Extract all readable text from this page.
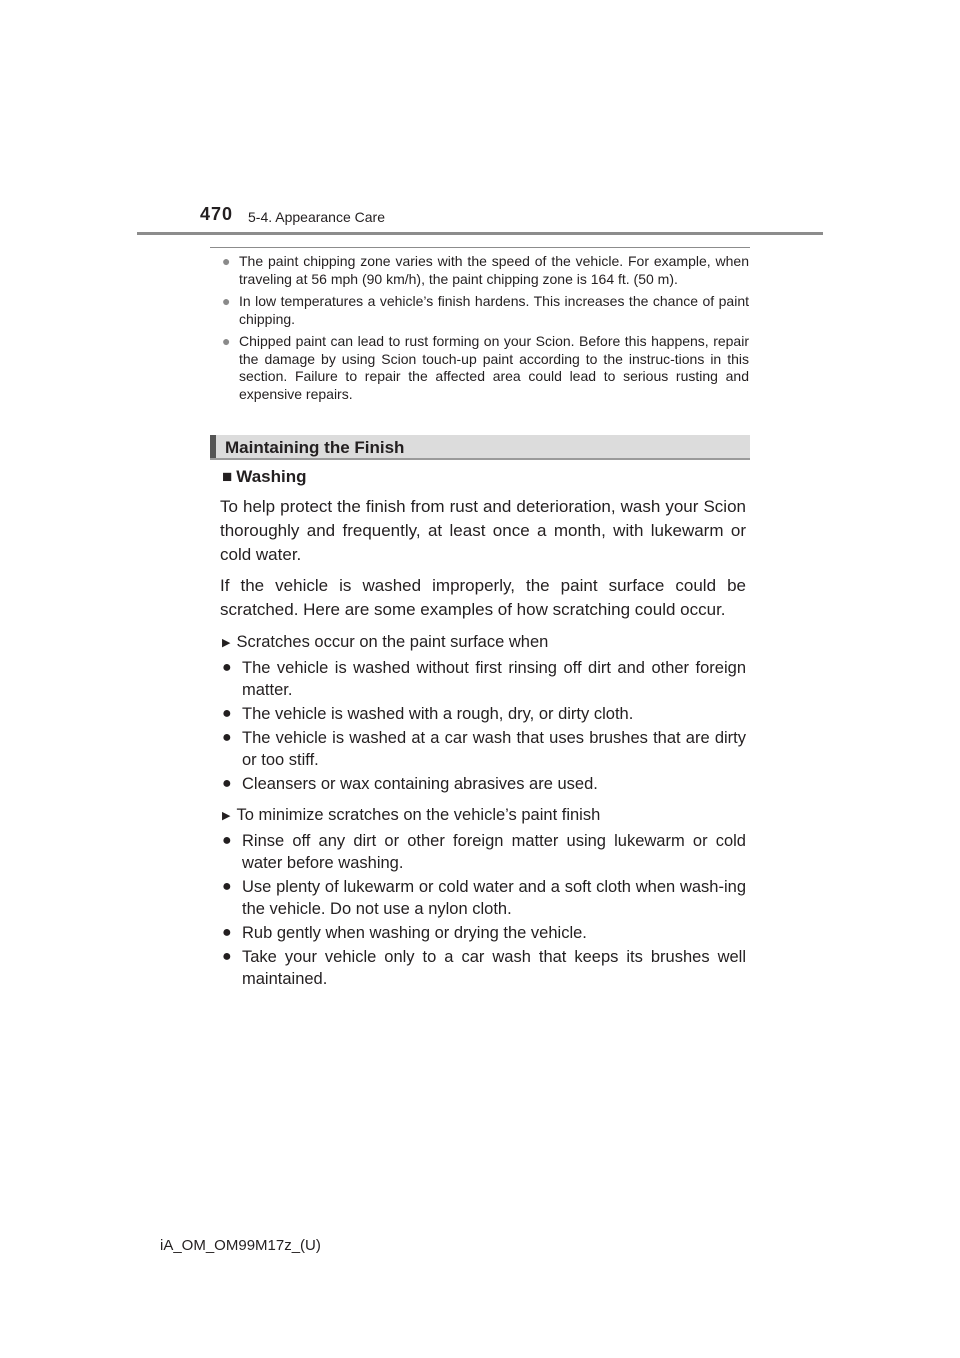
470 5-4. Appearance Care
● The paint chipping zone varies with the speed of the vehicle. For example, when traveling at 56 mph (90 km/h), the paint chipping zone is 164 ft. (50 m).
● In low temperatures a vehicle’s finish hardens. This increases the chance of paint chipping.
● Chipped paint can lead to rust forming on your Scion. Before this happens, repair the damage by using Scion touch-up paint according to the instruc-tions in this section. Failure to repair the affected area could lead to serious rusting and expensive repairs.
Maintaining the Finish
■ Washing
To help protect the finish from rust and deterioration, wash your Scion thoroughly and frequently, at least once a month, with lukewarm or cold water.
If the vehicle is washed improperly, the paint surface could be scratched. Here are some examples of how scratching could occur.
▶ Scratches occur on the paint surface when
● The vehicle is washed without first rinsing off dirt and other foreign matter.
● The vehicle is washed with a rough, dry, or dirty cloth.
● The vehicle is washed at a car wash that uses brushes that are dirty or too stiff.
● Cleansers or wax containing abrasives are used.
▶ To minimize scratches on the vehicle’s paint finish
● Rinse off any dirt or other foreign matter using lukewarm or cold water before washing.
● Use plenty of lukewarm or cold water and a soft cloth when wash-ing the vehicle. Do not use a nylon cloth.
● Rub gently when washing or drying the vehicle.
● Take your vehicle only to a car wash that keeps its brushes well maintained.
iA_OM_OM99M17z_(U)
